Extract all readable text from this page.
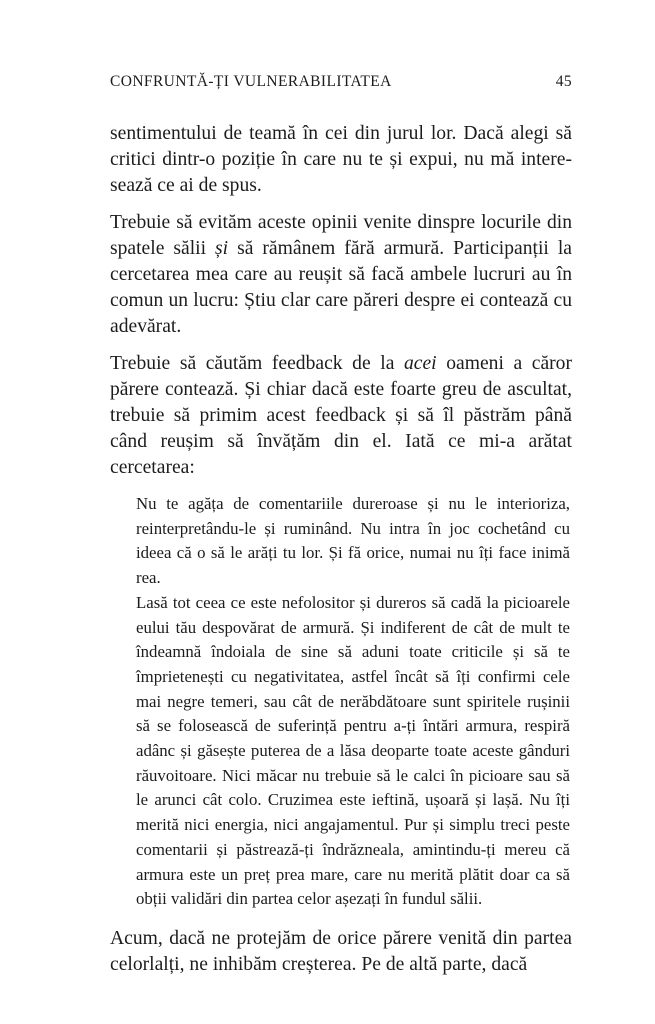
CONFRUNTĂ-ȚI VULNERABILITATEA	45

sentimentului de teamă în cei din jurul lor. Dacă alegi să critici dintr-o poziție în care nu te și expui, nu mă interesează ce ai de spus.

Trebuie să evităm aceste opinii venite dinspre locurile din spatele sălii și să rămânem fără armură. Participanții la cercetarea mea care au reușit să facă ambele lucruri au în comun un lucru: Știu clar care păreri despre ei contează cu adevărat.

Trebuie să căutăm feedback de la acei oameni a căror părere contează. Și chiar dacă este foarte greu de ascultat, trebuie să primim acest feedback și să îl păstrăm până când reușim să învățăm din el. Iată ce mi-a arătat cercetarea:

Nu te agăța de comentariile dureroase și nu le interioriza, reinterpretându-le și ruminând. Nu intra în joc cochetând cu ideea că o să le arăți tu lor. Și fă orice, numai nu îți face inimă rea.

Lasă tot ceea ce este nefolositor și dureros să cadă la picioarele eului tău despovărat de armură. Și indiferent de cât de mult te îndeamnă îndoiala de sine să aduni toate criticile și să te împrietenești cu negativitatea, astfel încât să îți confirmi cele mai negre temeri, sau cât de nerăbdătoare sunt spiritele rușinii să se folosească de suferință pentru a-ți întări armura, respiră adânc și găsește puterea de a lăsa deoparte toate aceste gânduri răuvoitoare. Nici măcar nu trebuie să le calci în picioare sau să le arunci cât colo. Cruzimea este ieftină, ușoară și lașă. Nu îți merită nici energia, nici angajamentul. Pur și simplu treci peste comentarii și păstrează-ți îndrăzneala, amintindu-ți mereu că armura este un preț prea mare, care nu merită plătit doar ca să obții validări din partea celor așezați în fundul sălii.

Acum, dacă ne protejăm de orice părere venită din partea celorlalți, ne inhibăm creșterea. Pe de altă parte, dacă
